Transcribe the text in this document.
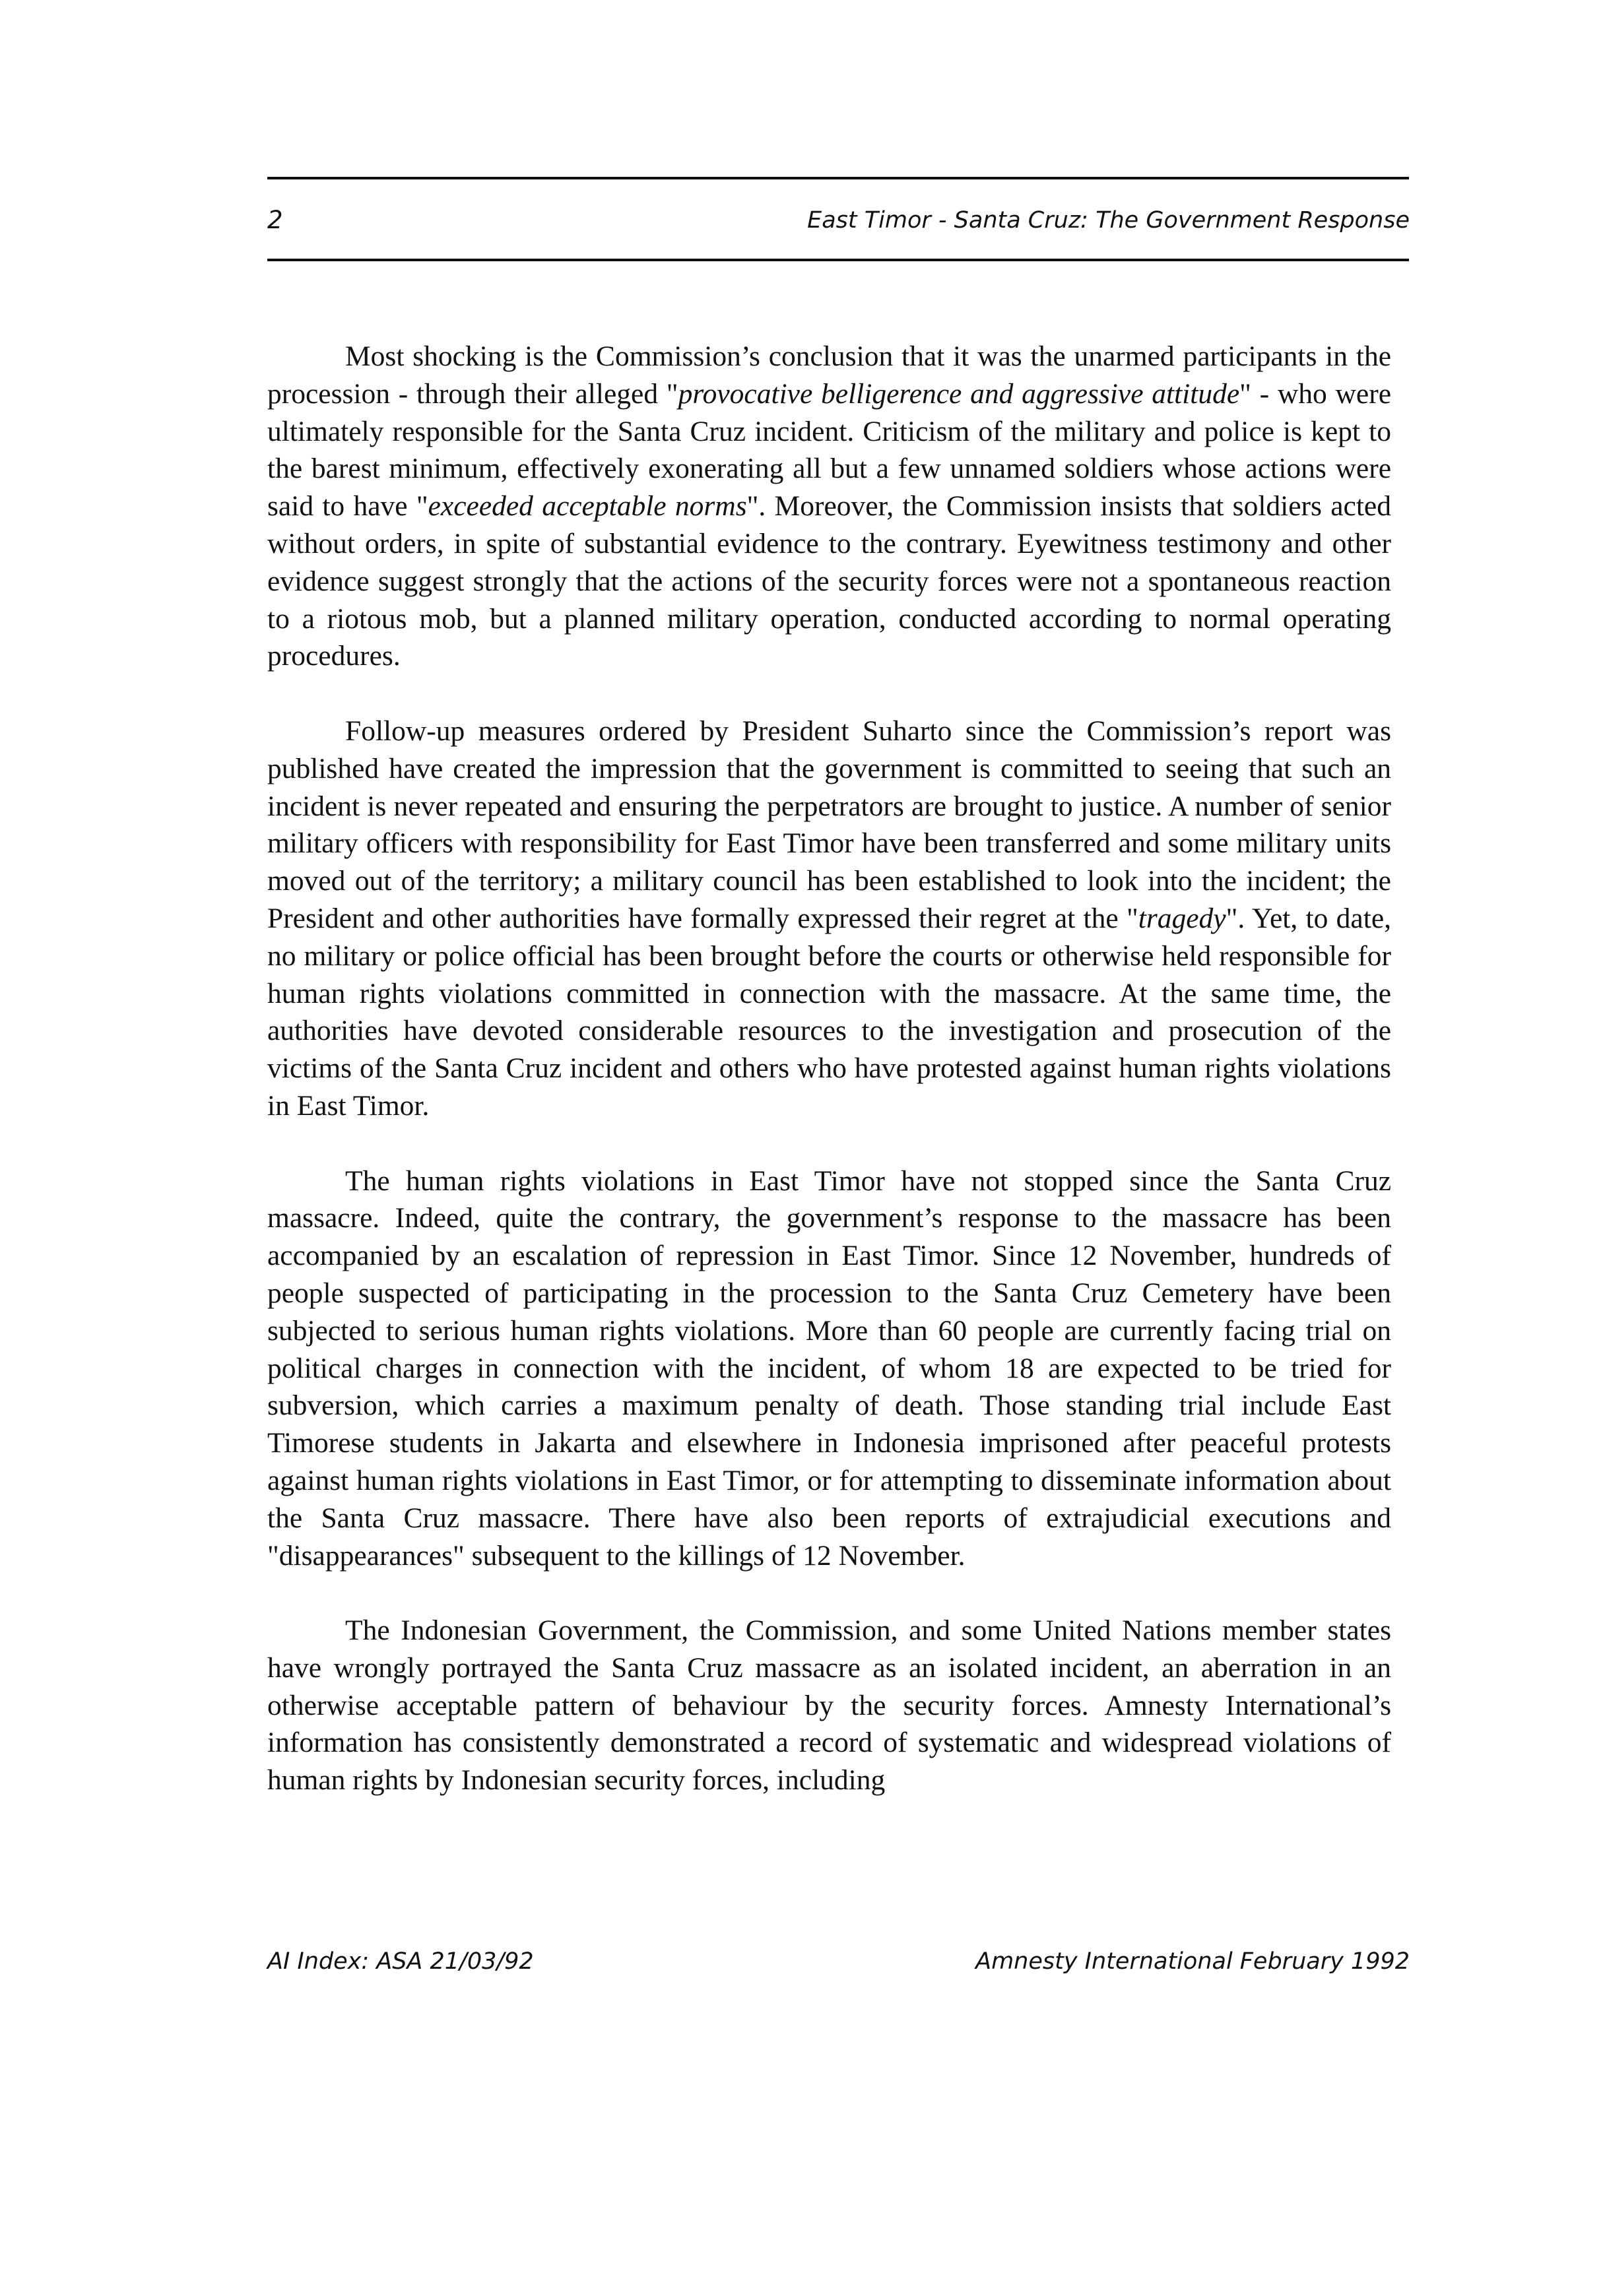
2	East Timor - Santa Cruz: The Government Response

Most shocking is the Commission’s conclusion that it was the unarmed participants in the procession - through their alleged "provocative belligerence and aggressive attitude" - who were ultimately responsible for the Santa Cruz incident. Criticism of the military and police is kept to the barest minimum, effectively exonerating all but a few unnamed soldiers whose actions were said to have "exceeded acceptable norms". Moreover, the Commission insists that soldiers acted without orders, in spite of substantial evidence to the contrary. Eyewitness testimony and other evidence suggest strongly that the actions of the security forces were not a spontaneous reaction to a riotous mob, but a planned military operation, conducted according to normal operating procedures.

Follow-up measures ordered by President Suharto since the Commission’s report was published have created the impression that the government is committed to seeing that such an incident is never repeated and ensuring the perpetrators are brought to justice. A number of senior military officers with responsibility for East Timor have been transferred and some military units moved out of the territory; a military council has been established to look into the incident; the President and other authorities have formally expressed their regret at the "tragedy". Yet, to date, no military or police official has been brought before the courts or otherwise held responsible for human rights violations committed in connection with the massacre. At the same time, the authorities have devoted considerable resources to the investigation and prosecution of the victims of the Santa Cruz incident and others who have protested against human rights violations in East Timor.

The human rights violations in East Timor have not stopped since the Santa Cruz massacre. Indeed, quite the contrary, the government’s response to the massacre has been accompanied by an escalation of repression in East Timor. Since 12 November, hundreds of people suspected of participating in the procession to the Santa Cruz Cemetery have been subjected to serious human rights violations. More than 60 people are currently facing trial on political charges in connection with the incident, of whom 18 are expected to be tried for subversion, which carries a maximum penalty of death. Those standing trial include East Timorese students in Jakarta and elsewhere in Indonesia imprisoned after peaceful protests against human rights violations in East Timor, or for attempting to disseminate information about the Santa Cruz massacre. There have also been reports of extrajudicial executions and "disappearances" subsequent to the killings of 12 November.

The Indonesian Government, the Commission, and some United Nations member states have wrongly portrayed the Santa Cruz massacre as an isolated incident, an aberration in an otherwise acceptable pattern of behaviour by the security forces. Amnesty International’s information has consistently demonstrated a record of systematic and widespread violations of human rights by Indonesian security forces, including

AI Index: ASA 21/03/92	Amnesty International February 1992
